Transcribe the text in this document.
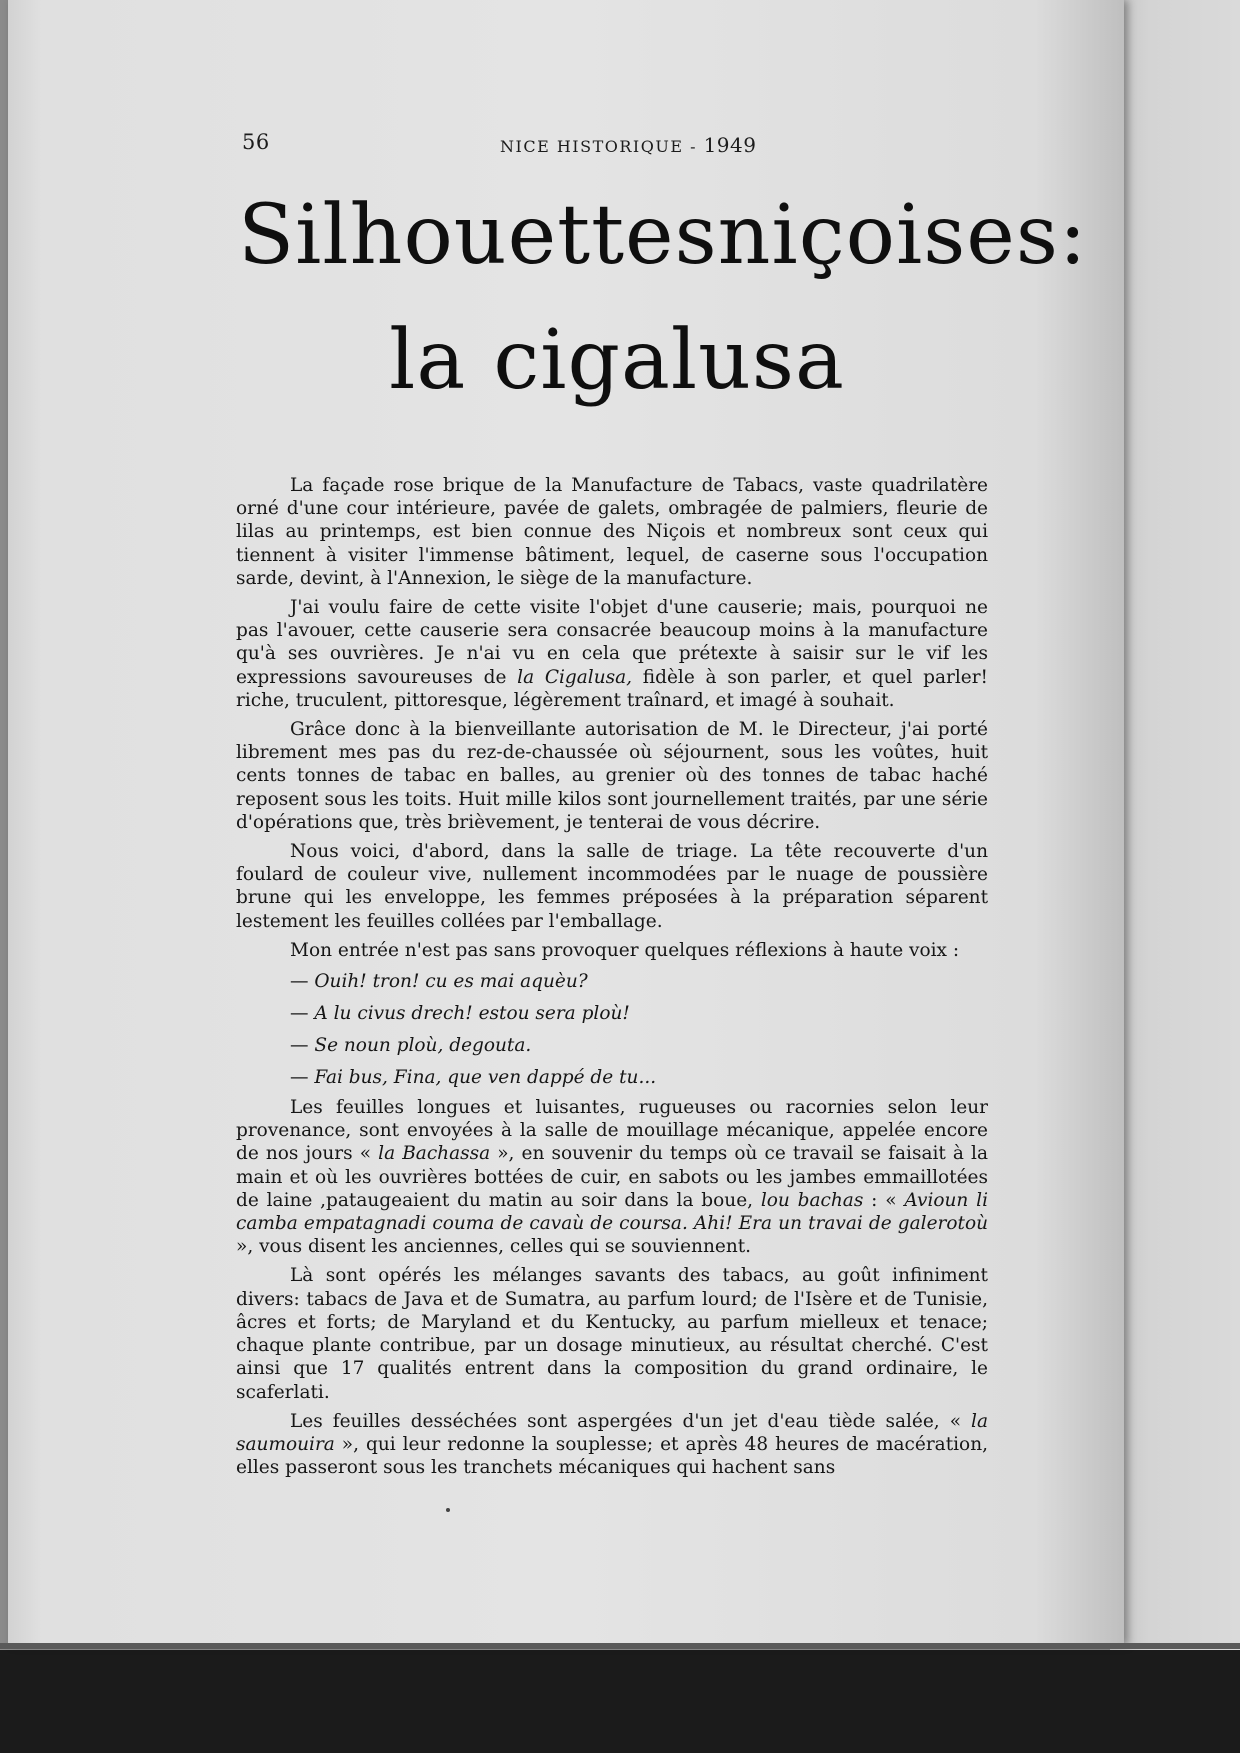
56	NICE HISTORIQUE - 1949
Silhouettes niçoises:
la cigalusa

La façade rose brique de la Manufacture de Tabacs, vaste quadrilatère orné d'une cour intérieure, pavée de galets, ombragée de palmiers, fleurie de lilas au printemps, est bien connue des Niçois et nombreux sont ceux qui tiennent à visiter l'immense bâtiment, lequel, de caserne sous l'occupation sarde, devint, à l'Annexion, le siège de la manufacture.

J'ai voulu faire de cette visite l'objet d'une causerie; mais, pourquoi ne pas l'avouer, cette causerie sera consacrée beaucoup moins à la manufacture qu'à ses ouvrières. Je n'ai vu en cela que prétexte à saisir sur le vif les expressions savoureuses de la Cigalusa, fidèle à son parler, et quel parler! riche, truculent, pittoresque, légèrement traînard, et imagé à souhait.

Grâce donc à la bienveillante autorisation de M. le Directeur, j'ai porté librement mes pas du rez-de-chaussée où séjournent, sous les voûtes, huit cents tonnes de tabac en balles, au grenier où des tonnes de tabac haché reposent sous les toits. Huit mille kilos sont journellement traités, par une série d'opérations que, très brièvement, je tenterai de vous décrire.

Nous voici, d'abord, dans la salle de triage. La tête recouverte d'un foulard de couleur vive, nullement incommodées par le nuage de poussière brune qui les enveloppe, les femmes préposées à la préparation séparent lestement les feuilles collées par l'emballage.

Mon entrée n'est pas sans provoquer quelques réflexions à haute voix :

— Ouih! tron! cu es mai aquèu?

— A lu civus drech! estou sera ploù!

— Se noun ploù, degouta.

— Fai bus, Fina, que ven dappé de tu...

Les feuilles longues et luisantes, rugueuses ou racornies selon leur provenance, sont envoyées à la salle de mouillage mécanique, appelée encore de nos jours « la Bachassa », en souvenir du temps où ce travail se faisait à la main et où les ouvrières bottées de cuir, en sabots ou les jambes emmaillotées de laine ,pataugeaient du matin au soir dans la boue, lou bachas : « Avioun li camba empatagnadi couma de cavaù de coursa. Ahi! Era un travai de galerotoù », vous disent les anciennes, celles qui se souviennent.

Là sont opérés les mélanges savants des tabacs, au goût infiniment divers: tabacs de Java et de Sumatra, au parfum lourd; de l'Isère et de Tunisie, âcres et forts; de Maryland et du Kentucky, au parfum mielleux et tenace; chaque plante contribue, par un dosage minutieux, au résultat cherché. C'est ainsi que 17 qualités entrent dans la composition du grand ordinaire, le scaferlati.

Les feuilles desséchées sont aspergées d'un jet d'eau tiède salée, « la saumouira », qui leur redonne la souplesse; et après 48 heures de macération, elles passeront sous les tranchets mécaniques qui hachent sans
